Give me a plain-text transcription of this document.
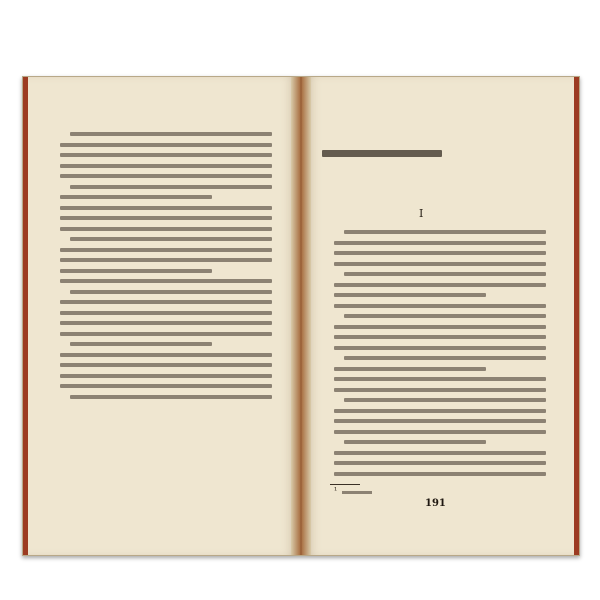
I
¹
191
